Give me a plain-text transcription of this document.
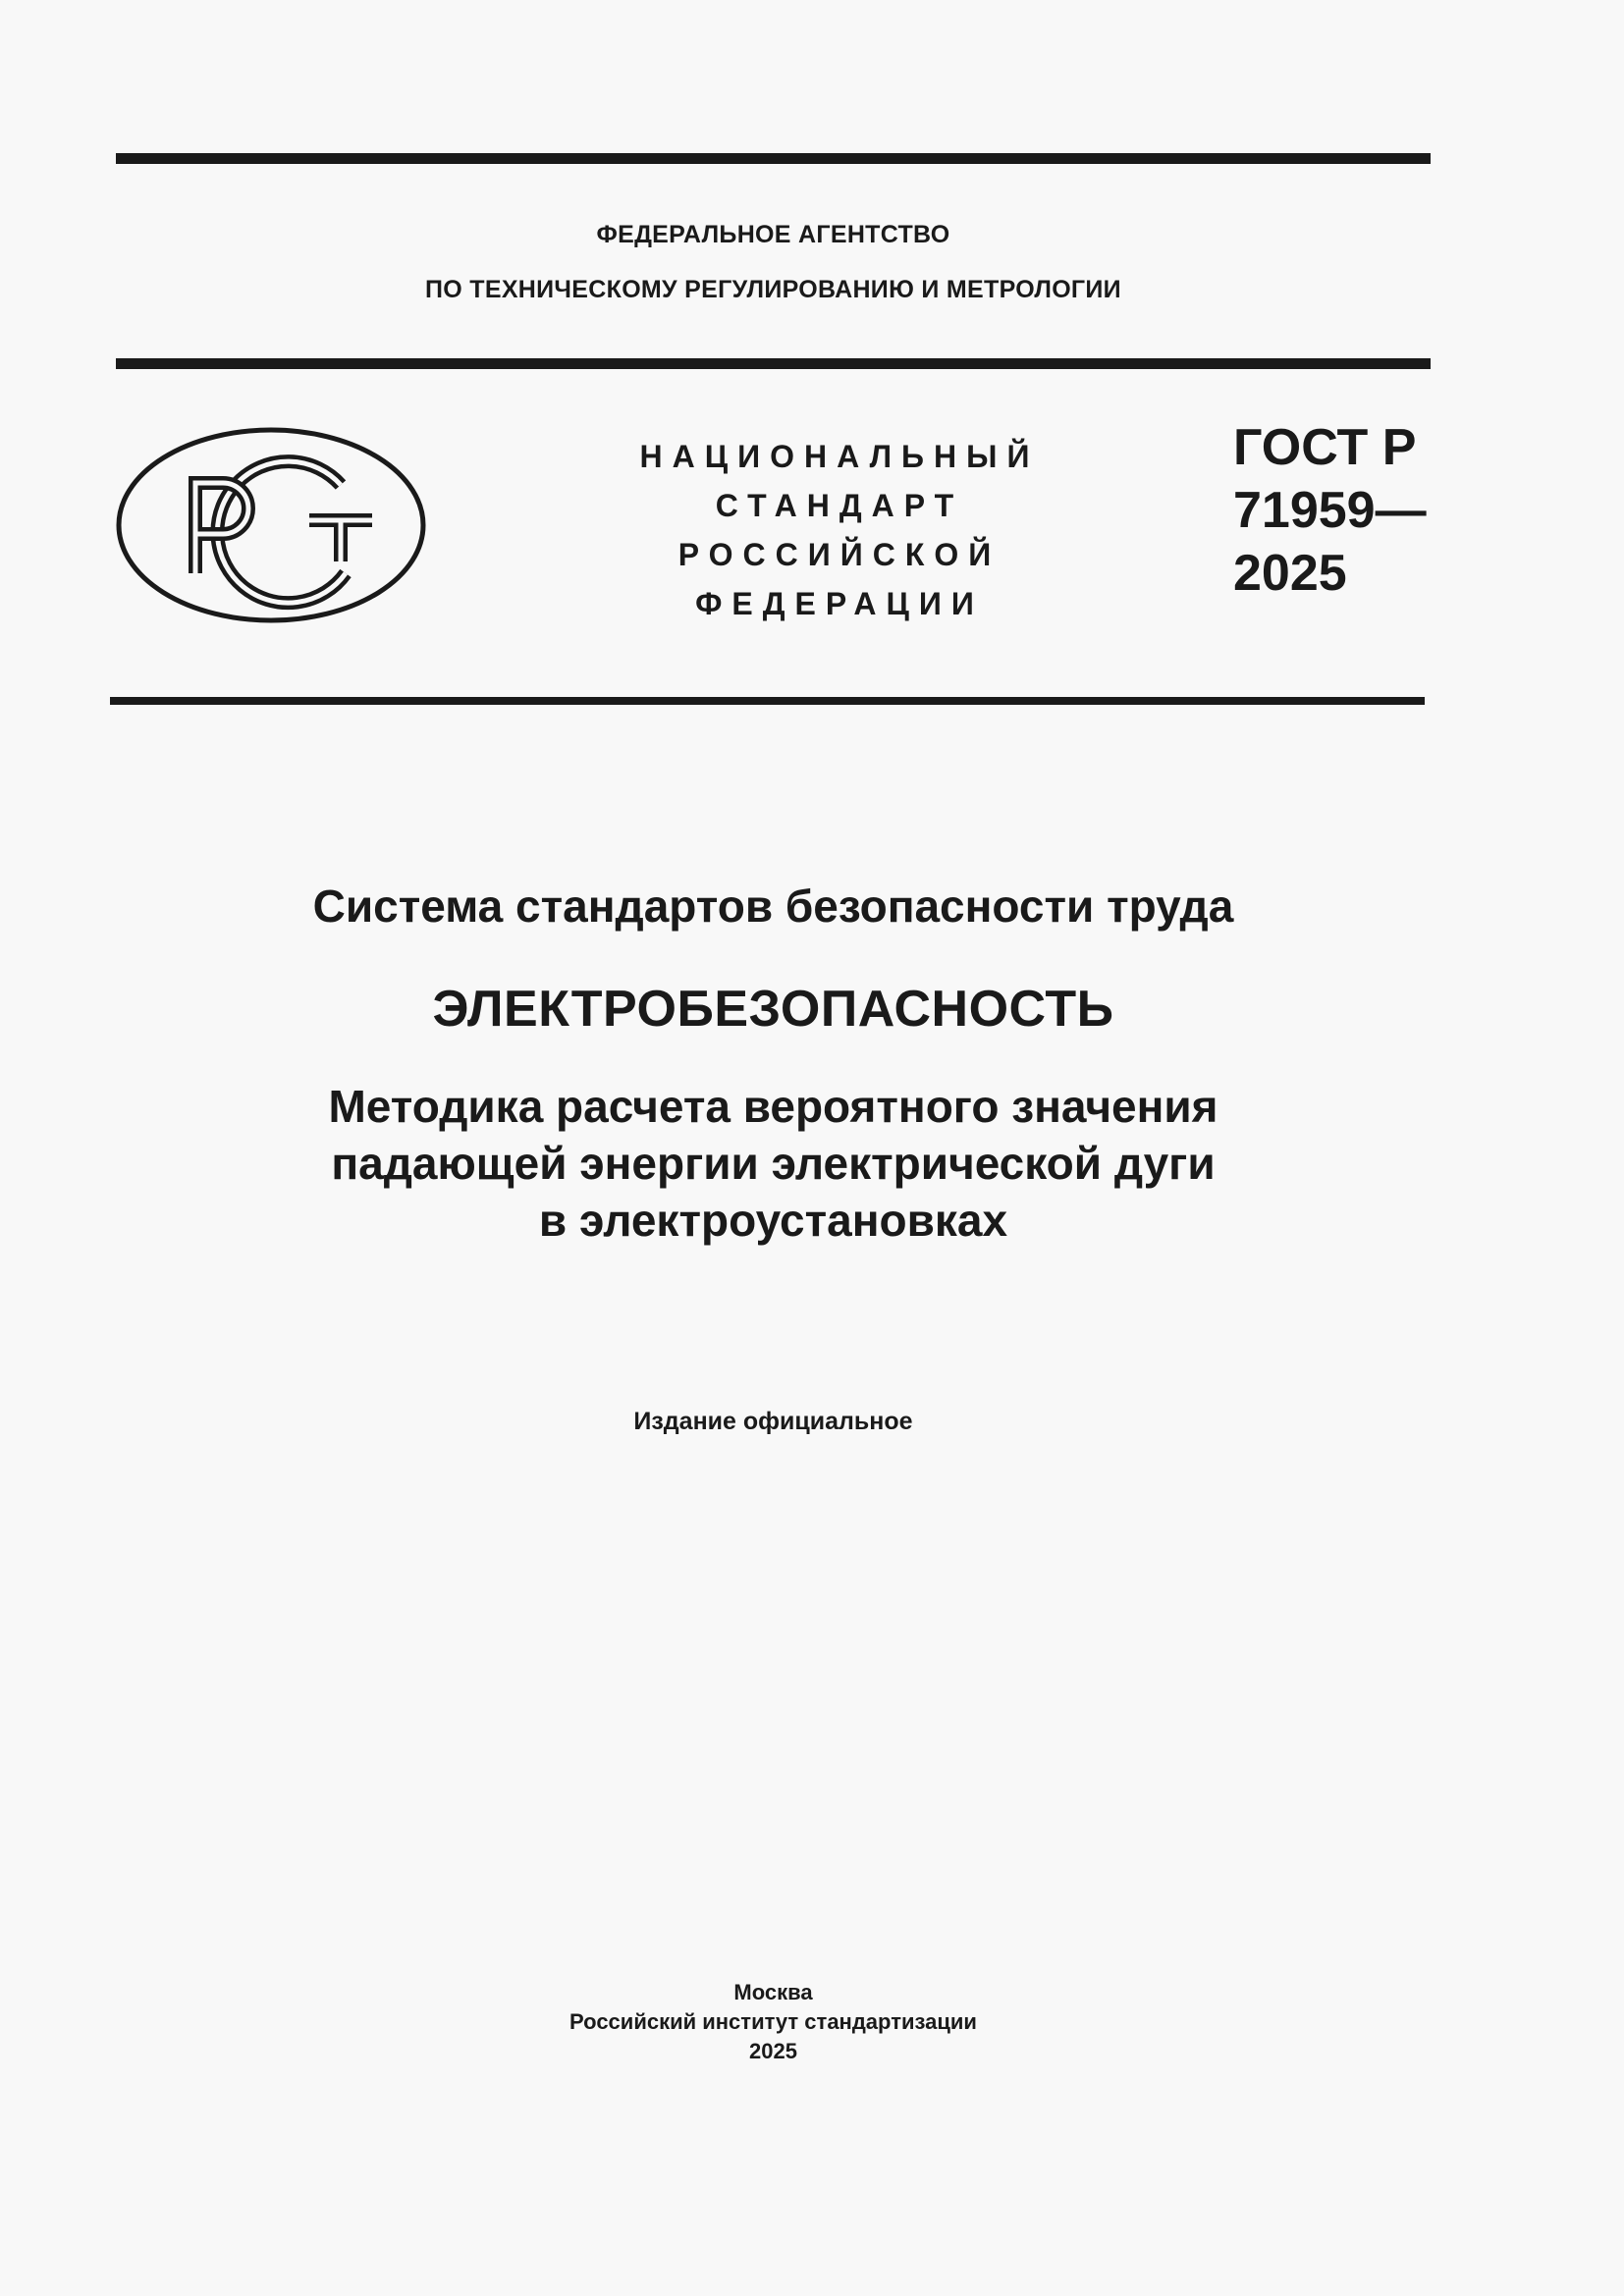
ФЕДЕРАЛЬНОЕ АГЕНТСТВО
ПО ТЕХНИЧЕСКОМУ РЕГУЛИРОВАНИЮ И МЕТРОЛОГИИ
НАЦИОНАЛЬНЫЙ
СТАНДАРТ
РОССИЙСКОЙ
ФЕДЕРАЦИИ
ГОСТ Р
71959—
2025
Система стандартов безопасности труда
ЭЛЕКТРОБЕЗОПАСНОСТЬ
Методика расчета вероятного значения
падающей энергии электрической дуги
в электроустановках
Издание официальное
Москва
Российский институт стандартизации
2025
